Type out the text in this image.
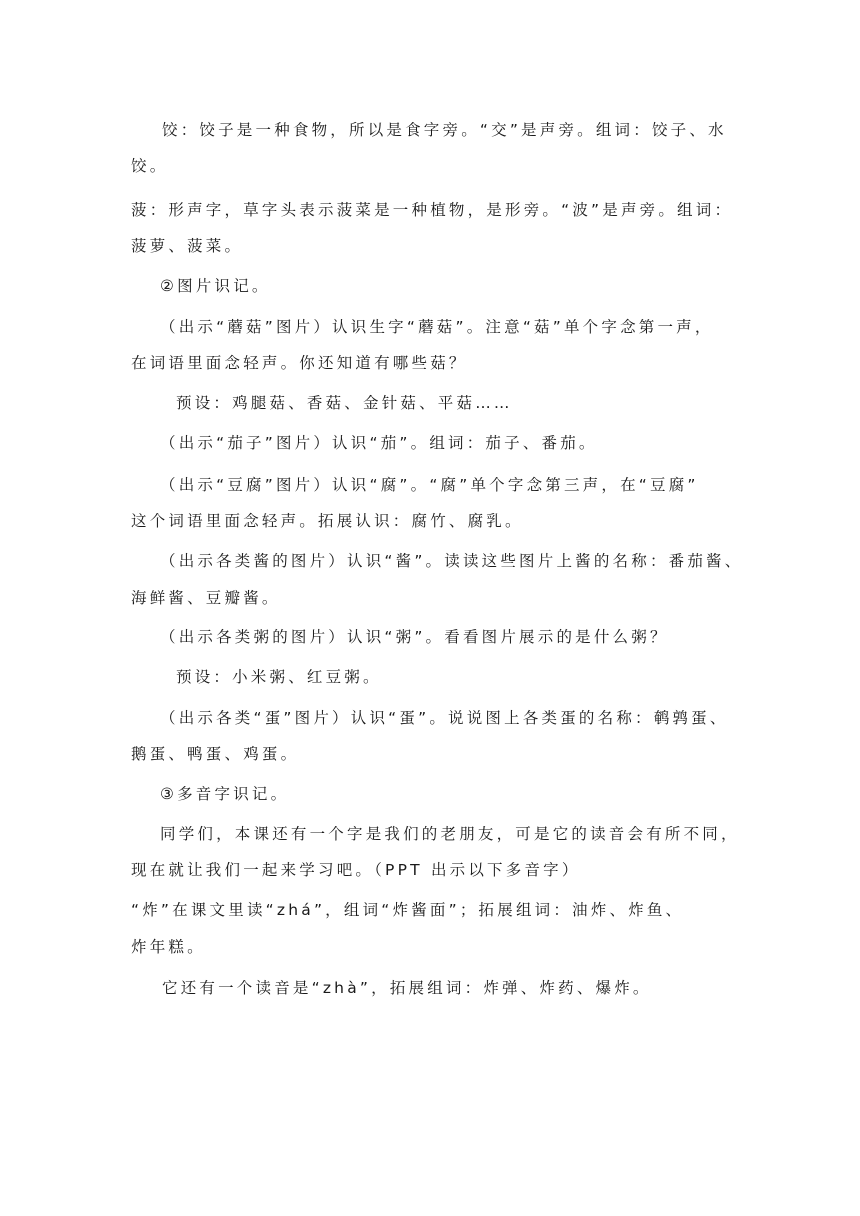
饺：饺子是一种食物，所以是食字旁。“交”是声旁。组词：饺子、水
饺。
菠：形声字，草字头表示菠菜是一种植物，是形旁。“波”是声旁。组词：
菠萝、菠菜。
②图片识记。
（出示“蘑菇”图片）认识生字“蘑菇”。注意“菇”单个字念第一声，
在词语里面念轻声。你还知道有哪些菇？
预设：鸡腿菇、香菇、金针菇、平菇……
（出示“茄子”图片）认识“茄”。组词：茄子、番茄。
（出示“豆腐”图片）认识“腐”。“腐”单个字念第三声，在“豆腐”
这个词语里面念轻声。拓展认识：腐竹、腐乳。
（出示各类酱的图片）认识“酱”。读读这些图片上酱的名称：番茄酱、
海鲜酱、豆瓣酱。
（出示各类粥的图片）认识“粥”。看看图片展示的是什么粥？
预设：小米粥、红豆粥。
（出示各类“蛋”图片）认识“蛋”。说说图上各类蛋的名称：鹌鹑蛋、
鹅蛋、鸭蛋、鸡蛋。
③多音字识记。
同学们，本课还有一个字是我们的老朋友，可是它的读音会有所不同，
现在就让我们一起来学习吧。（PPT 出示以下多音字）
“炸”在课文里读“zhá”，组词“炸酱面”；拓展组词：油炸、炸鱼、
炸年糕。
它还有一个读音是“zhà”，拓展组词：炸弹、炸药、爆炸。
